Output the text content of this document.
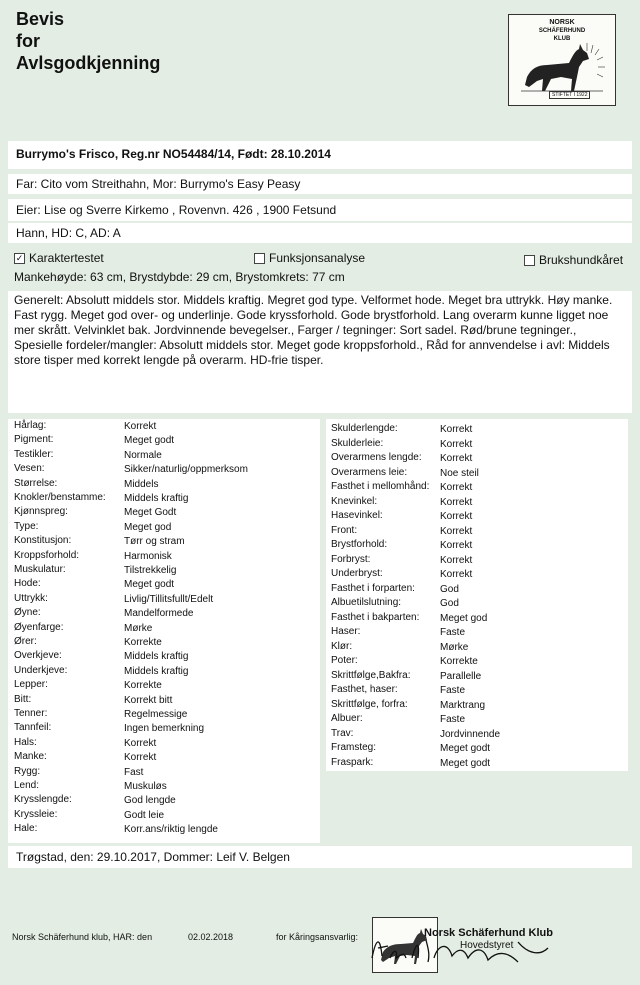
Bevis
for
Avlsgodkjenning
NORSK
SCHÄFERHUND
KLUB
STIFTET I 1922
Burrymo's Frisco, Reg.nr NO54484/14, Født: 28.10.2014
Far: Cito vom Streithahn, Mor: Burrymo's Easy Peasy
Eier: Lise og Sverre Kirkemo , Rovenvn. 426 , 1900 Fetsund
Hann, HD: C, AD: A
✓ Karaktertestet	Funksjonsanalyse	Brukshundkåret
Mankehøyde: 63 cm, Brystdybde: 29 cm, Brystomkrets: 77 cm
Generelt: Absolutt middels stor. Middels kraftig. Megret god type. Velformet hode. Meget bra uttrykk. Høy manke. Fast rygg. Meget god over- og underlinje. Gode kryssforhold. Gode brystforhold. Lang overarm kunne ligget noe mer skrått. Velvinklet bak. Jordvinnende bevegelser., Farger / tegninger: Sort sadel. Rød/brune tegninger., Spesielle fordeler/mangler: Absolutt middels stor. Meget gode kroppsforhold., Råd for annvendelse i avl: Middels store tisper med korrekt lengde på overarm. HD-frie tisper.
Hårlag:	Korrekt
Pigment:	Meget godt
Testikler:	Normale
Vesen:	Sikker/naturlig/oppmerksom
Størrelse:	Middels
Knokler/benstamme: Middels kraftig
Kjønnspreg:	Meget Godt
Type:	Meget god
Konstitusjon:	Tørr og stram
Kroppsforhold:	Harmonisk
Muskulatur:	Tilstrekkelig
Hode:	Meget godt
Uttrykk:	Livlig/Tillitsfullt/Edelt
Øyne:	Mandelformede
Øyenfarge:	Mørke
Ører:	Korrekte
Overkjeve:	Middels kraftig
Underkjeve:	Middels kraftig
Lepper:	Korrekte
Bitt:	Korrekt bitt
Tenner:	Regelmessige
Tannfeil:	Ingen bemerkning
Hals:	Korrekt
Manke:	Korrekt
Rygg:	Fast
Lend:	Muskuløs
Krysslengde:	God lengde
Kryssleie:	Godt leie
Hale:	Korr.ans/riktig lengde
Skulderlengde:	Korrekt
Skulderleie:	Korrekt
Overarmens lengde: Korrekt
Overarmens leie:	Noe steil
Fasthet i mellomhånd: Korrekt
Knevinkel:	Korrekt
Hasevinkel:	Korrekt
Front:	Korrekt
Brystforhold:	Korrekt
Forbryst:	Korrekt
Underbryst:	Korrekt
Fasthet i forparten:	God
Albuetilslutning:	God
Fasthet i bakparten: Meget god
Haser:	Faste
Klør:	Mørke
Poter:	Korrekte
Skrittfølge,Bakfra:	Parallelle
Fasthet, haser:	Faste
Skrittfølge, forfra:	Marktrang
Albuer:	Faste
Trav:	Jordvinnende
Framsteg:	Meget godt
Fraspark:	Meget godt
Trøgstad, den: 29.10.2017, Dommer: Leif V. Belgen
Norsk Schäferhund klub, HAR: den	02.02.2018	for Kåringsansvarlig:	Norsk Schäferhund Klub
Hovedstyret
